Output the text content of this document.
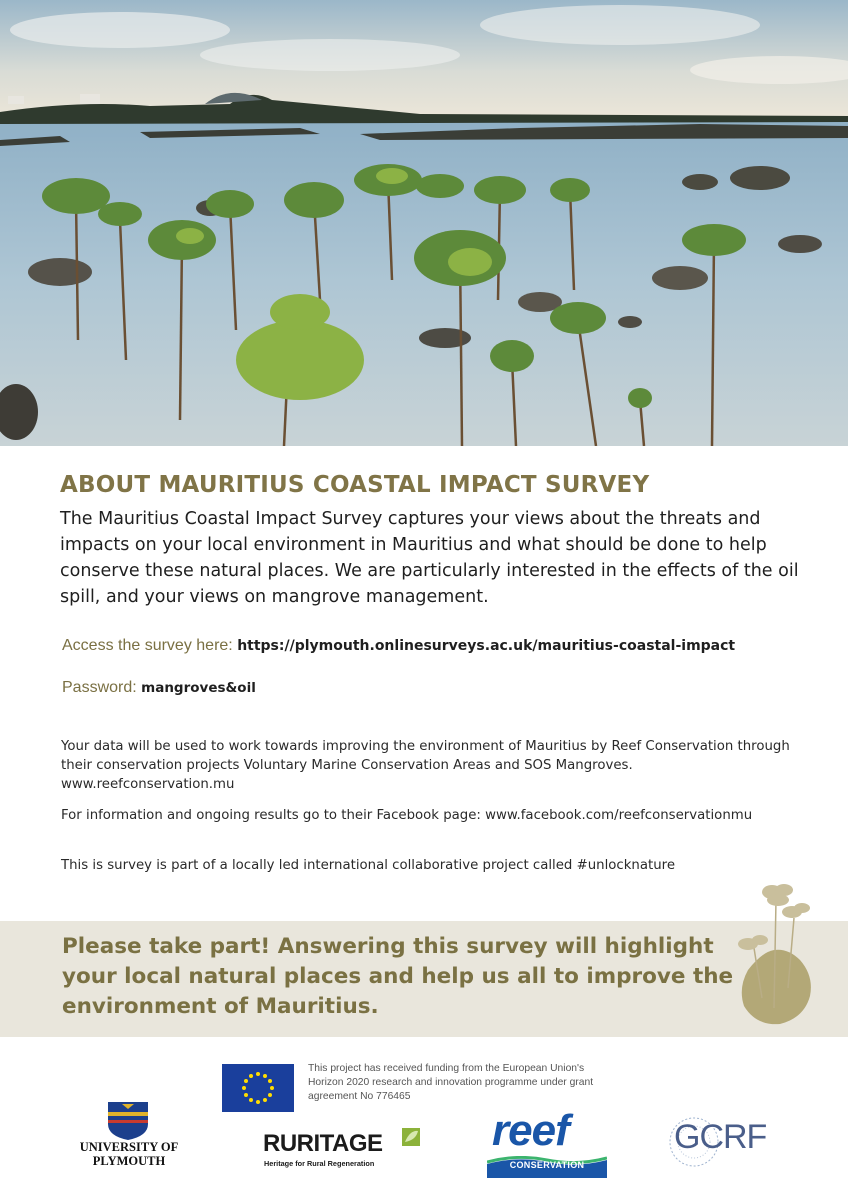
ABOUT MAURITIUS COASTAL IMPACT SURVEY

The Mauritius Coastal Impact Survey captures your views about the threats and impacts on your local environment in Mauritius and what should be done to help conserve these natural places. We are particularly interested in the effects of the oil spill, and your views on mangrove management.

Access the survey here: https://plymouth.onlinesurveys.ac.uk/mauritius-coastal-impact
Password: mangroves&oil

Your data will be used to work towards improving the environment of Mauritius by Reef Conservation through their conservation projects Voluntary Marine Conservation Areas and SOS Mangroves. www.reefconservation.mu

For information and ongoing results go to their Facebook page: www.facebook.com/reefconservationmu

This is survey is part of a locally led international collaborative project called #unlocknature

Please take part! Answering this survey will highlight your local natural places and help us all to improve the environment of Mauritius.

This project has received funding from the European Union's Horizon 2020 research and innovation programme under grant agreement No 776465

UNIVERSITY OF PLYMOUTH

RURITAGE

Heritage for Rural Regeneration

reef

CONSERVATION

GCRF
